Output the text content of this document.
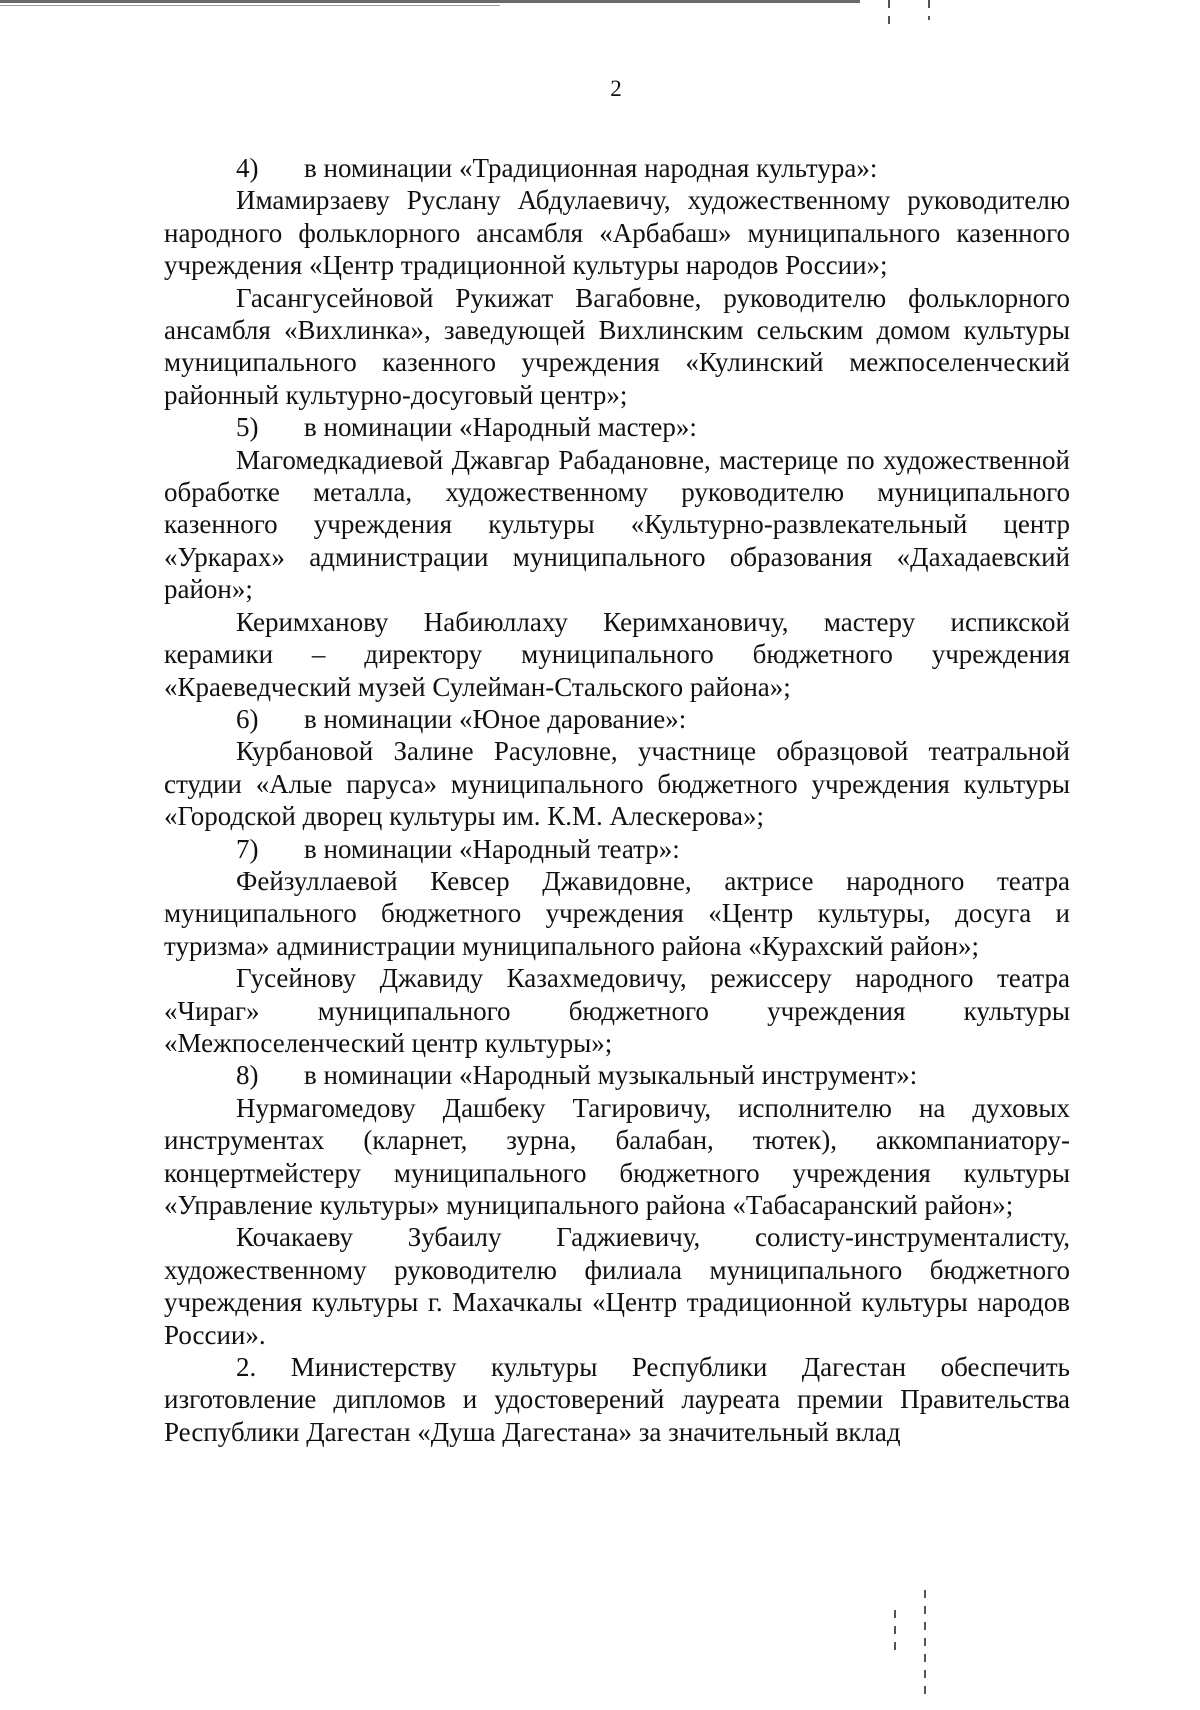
2
4) в номинации «Традиционная народная культура»:

Имамирзаеву Руслану Абдулаевичу, художественному руководителю народного фольклорного ансамбля «Арбабаш» муниципального казенного учреждения «Центр традиционной культуры народов России»;

Гасангусейновой Рукижат Вагабовне, руководителю фольклорного ансамбля «Вихлинка», заведующей Вихлинским сельским домом культуры муниципального казенного учреждения «Кулинский межпоселенческий районный культурно-досуговый центр»;

5) в номинации «Народный мастер»:

Магомедкадиевой Джавгар Рабадановне, мастерице по художественной обработке металла, художественному руководителю муниципального казенного учреждения культуры «Культурно-развлекательный центр «Уркарах» администрации муниципального образования «Дахадаевский район»;

Керимханову Набиюллаху Керимхановичу, мастеру испикской керамики – директору муниципального бюджетного учреждения «Краеведческий музей Сулейман-Стальского района»;

6) в номинации «Юное дарование»:

Курбановой Залине Расуловне, участнице образцовой театральной студии «Алые паруса» муниципального бюджетного учреждения культуры «Городской дворец культуры им. К.М. Алескерова»;

7) в номинации «Народный театр»:

Фейзуллаевой Кевсер Джавидовне, актрисе народного театра муниципального бюджетного учреждения «Центр культуры, досуга и туризма» администрации муниципального района «Курахский район»;

Гусейнову Джавиду Казахмедовичу, режиссеру народного театра «Чираг» муниципального бюджетного учреждения культуры «Межпоселенческий центр культуры»;

8) в номинации «Народный музыкальный инструмент»:

Нурмагомедову Дашбеку Тагировичу, исполнителю на духовых инструментах (кларнет, зурна, балабан, тютек), аккомпаниатору-концертмейстеру муниципального бюджетного учреждения культуры «Управление культуры» муниципального района «Табасаранский район»;

Кочакаеву Зубаилу Гаджиевичу, солисту-инструменталисту, художественному руководителю филиала муниципального бюджетного учреждения культуры г. Махачкалы «Центр традиционной культуры народов России».

2. Министерству культуры Республики Дагестан обеспечить изготовление дипломов и удостоверений лауреата премии Правительства Республики Дагестан «Душа Дагестана» за значительный вклад
